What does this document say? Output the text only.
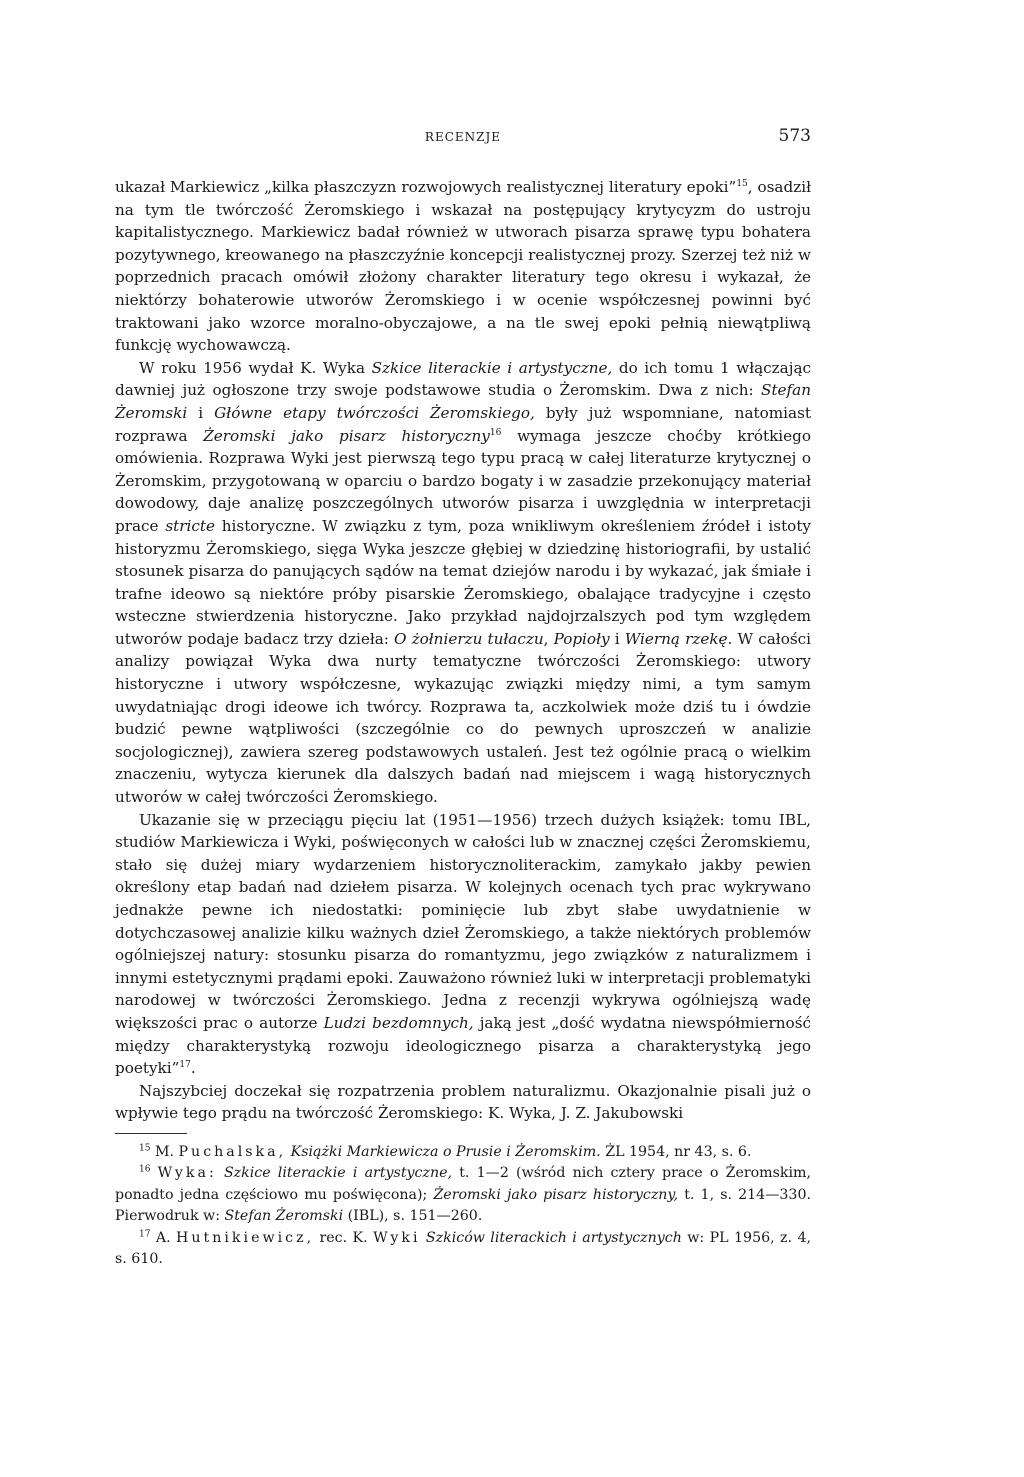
RECENZJE	573

ukazał Markiewicz „kilka płaszczyzn rozwojowych realistycznej literatury epoki”$^{15}$, osadził na tym tle twórczość Żeromskiego i wskazał na postępujący krytycyzm do ustroju kapitalistycznego. Markiewicz badał również w utworach pisarza sprawę typu bohatera pozytywnego, kreowanego na płaszczyźnie koncepcji realistycznej prozy. Szerzej też niż w poprzednich pracach omówił złożony charakter literatury tego okresu i wykazał, że niektórzy bohaterowie utworów Żeromskiego i w ocenie współczesnej powinni być traktowani jako wzorce moralno-obyczajowe, a na tle swej epoki pełnią niewątpliwą funkcję wychowawczą.

W roku 1956 wydał K. Wyka Szkice literackie i artystyczne, do ich tomu 1 włączając dawniej już ogłoszone trzy swoje podstawowe studia o Żeromskim. Dwa z nich: Stefan Żeromski i Główne etapy twórczości Żeromskiego, były już wspomniane, natomiast rozprawa Żeromski jako pisarz historyczny$^{16}$ wymaga jeszcze choćby krótkiego omówienia. Rozprawa Wyki jest pierwszą tego typu pracą w całej literaturze krytycznej o Żeromskim, przygotowaną w oparciu o bardzo bogaty i w zasadzie przekonujący materiał dowodowy, daje analizę poszczególnych utworów pisarza i uwzględnia w interpretacji prace stricte historyczne. W związku z tym, poza wnikliwym określeniem źródeł i istoty historyzmu Żeromskiego, sięga Wyka jeszcze głębiej w dziedzinę historiografii, by ustalić stosunek pisarza do panujących sądów na temat dziejów narodu i by wykazać, jak śmiałe i trafne ideowo są niektóre próby pisarskie Żeromskiego, obalające tradycyjne i często wsteczne stwierdzenia historyczne. Jako przykład najdojrzalszych pod tym względem utworów podaje badacz trzy dzieła: O żołnierzu tułaczu, Popioły i Wierną rzekę. W całości analizy powiązał Wyka dwa nurty tematyczne twórczości Żeromskiego: utwory historyczne i utwory współczesne, wykazując związki między nimi, a tym samym uwydatniając drogi ideowe ich twórcy. Rozprawa ta, aczkolwiek może dziś tu i ówdzie budzić pewne wątpliwości (szczególnie co do pewnych uproszczeń w analizie socjologicznej), zawiera szereg podstawowych ustaleń. Jest też ogólnie pracą o wielkim znaczeniu, wytycza kierunek dla dalszych badań nad miejscem i wagą historycznych utworów w całej twórczości Żeromskiego.

Ukazanie się w przeciągu pięciu lat (1951—1956) trzech dużych książek: tomu IBL, studiów Markiewicza i Wyki, poświęconych w całości lub w znacznej części Żeromskiemu, stało się dużej miary wydarzeniem historycznoliterackim, zamykało jakby pewien określony etap badań nad dziełem pisarza. W kolejnych ocenach tych prac wykrywano jednakże pewne ich niedostatki: pominięcie lub zbyt słabe uwydatnienie w dotychczasowej analizie kilku ważnych dzieł Żeromskiego, a także niektórych problemów ogólniejszej natury: stosunku pisarza do romantyzmu, jego związków z naturalizmem i innymi estetycznymi prądami epoki. Zauważono również luki w interpretacji problematyki narodowej w twórczości Żeromskiego. Jedna z recenzji wykrywa ogólniejszą wadę większości prac o autorze Ludzi bezdomnych, jaką jest „dość wydatna niewspółmierność między charakterystyką rozwoju ideologicznego pisarza a charakterystyką jego poetyki”$^{17}$.

Najszybciej doczekał się rozpatrzenia problem naturalizmu. Okazjonalnie pisali już o wpływie tego prądu na twórczość Żeromskiego: K. Wyka, J. Z. Jakubowski

$^{15}$ M. Puchalska, Książki Markiewicza o Prusie i Żeromskim. ŻL 1954, nr 43, s. 6.

$^{16}$ Wyka: Szkice literackie i artystyczne, t. 1—2 (wśród nich cztery prace o Żeromskim, ponadto jedna częściowo mu poświęcona); Żeromski jako pisarz historyczny, t. 1, s. 214—330. Pierwodruk w: Stefan Żeromski (IBL), s. 151—260.

$^{17}$ A. Hutnikiewicz, rec. K. Wyki Szkiców literackich i artystycznych w: PL 1956, z. 4, s. 610.
